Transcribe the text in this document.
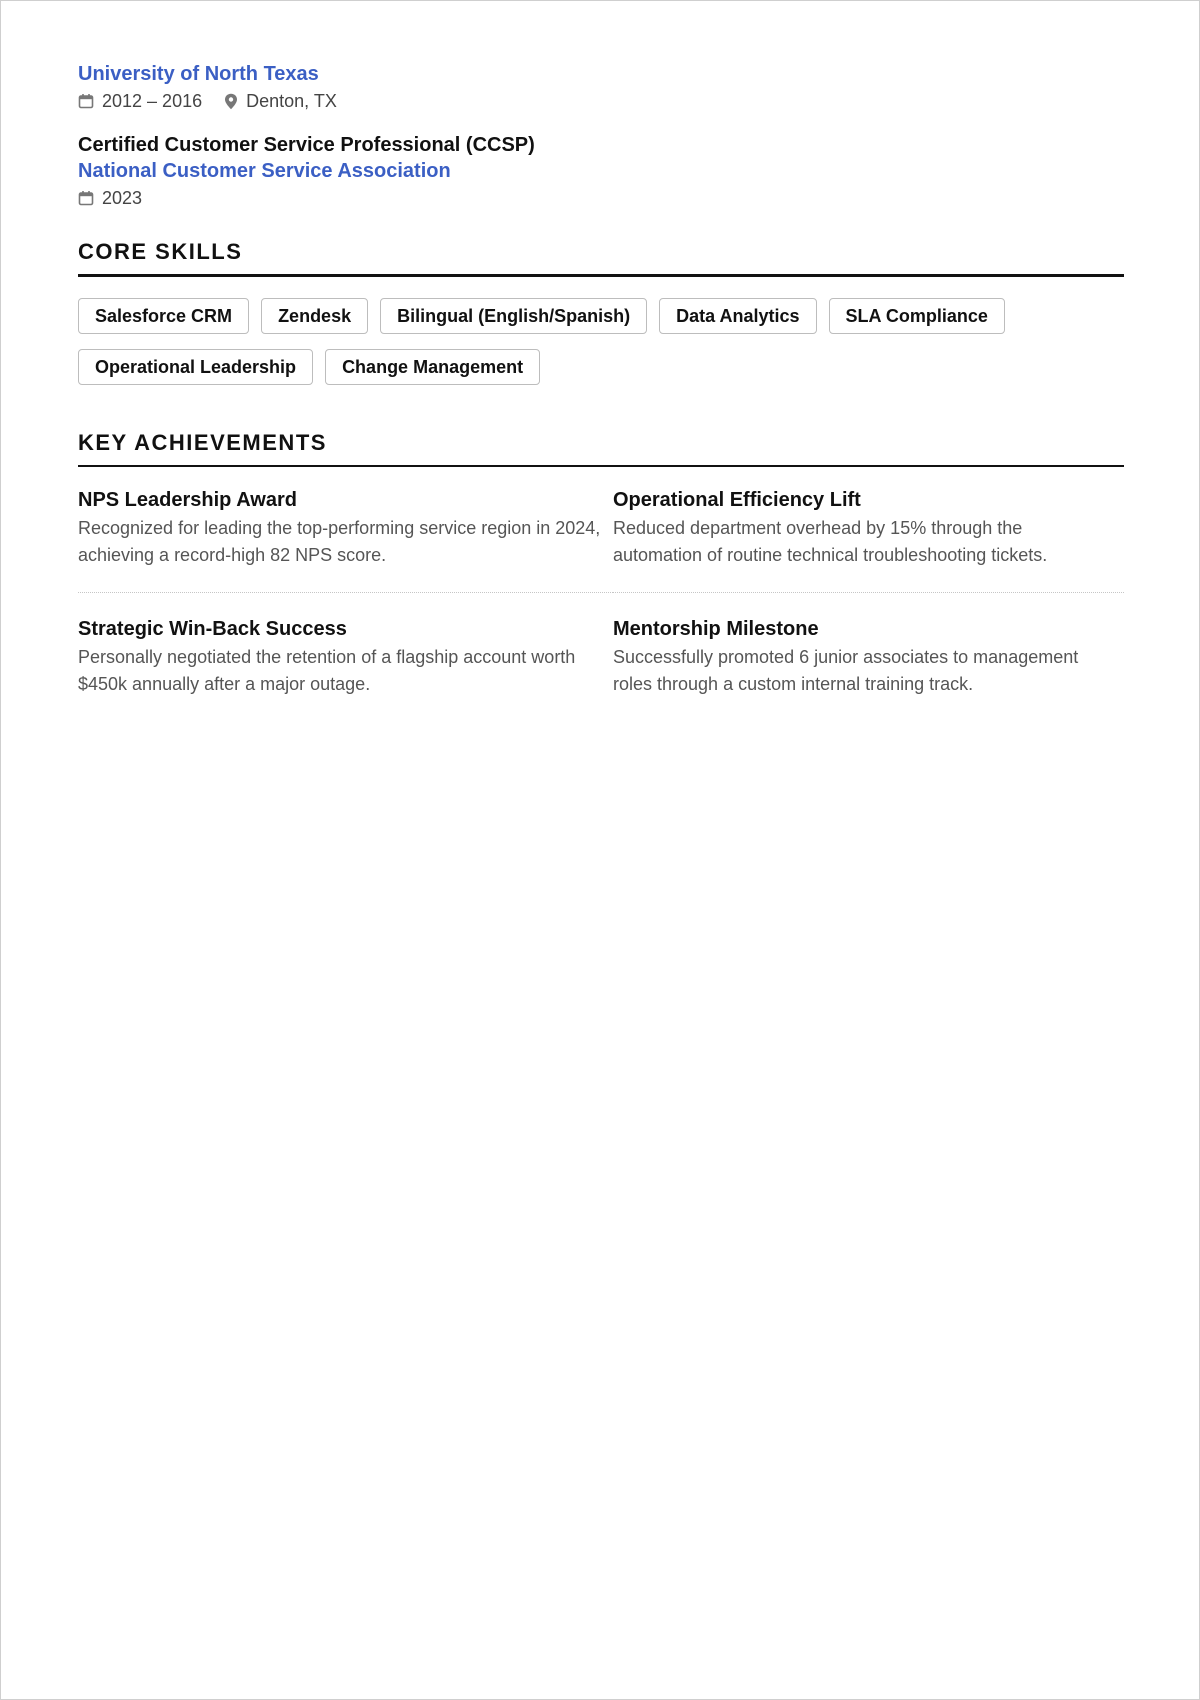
University of North Texas
2012 – 2016 Denton, TX
Certified Customer Service Professional (CCSP)
National Customer Service Association
2023
CORE SKILLS
Salesforce CRM	Zendesk	Bilingual (English/Spanish)	Data Analytics	SLA Compliance
Operational Leadership	Change Management
KEY ACHIEVEMENTS
NPS Leadership Award
Recognized for leading the top-performing service region in 2024, achieving a record-high 82 NPS score.
Operational Efficiency Lift
Reduced department overhead by 15% through the automation of routine technical troubleshooting tickets.
Strategic Win-Back Success
Personally negotiated the retention of a flagship account worth $450k annually after a major outage.
Mentorship Milestone
Successfully promoted 6 junior associates to management roles through a custom internal training track.
